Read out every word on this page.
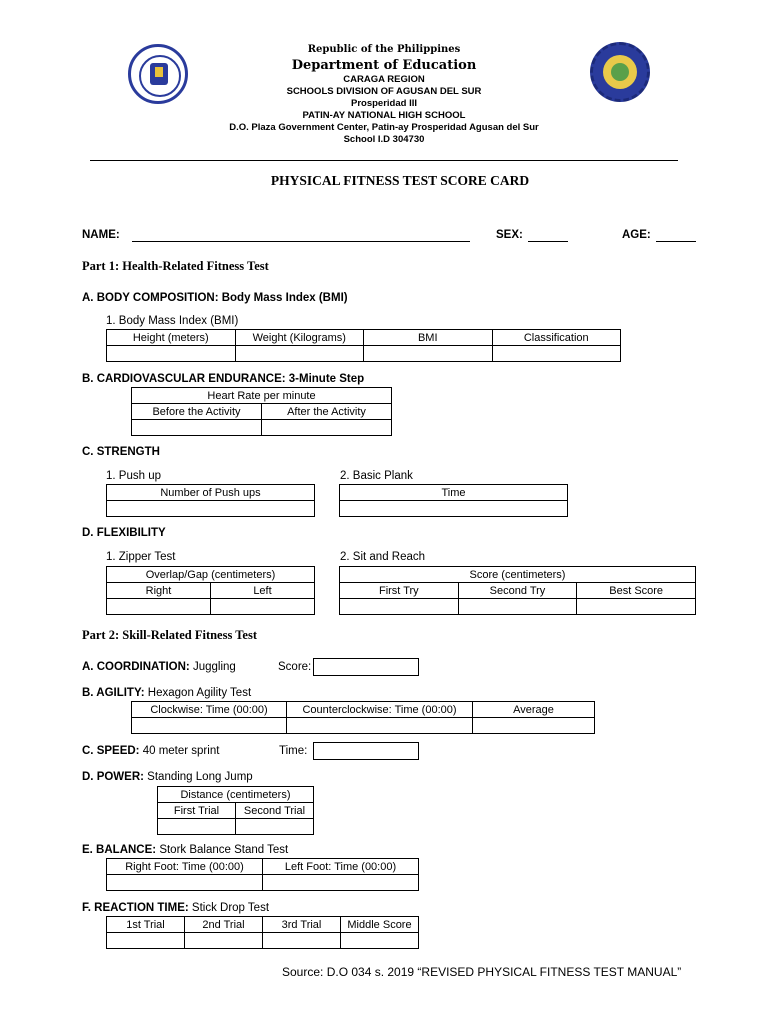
Republic of the Philippines
Department of Education
CARAGA REGION
SCHOOLS DIVISION OF AGUSAN DEL SUR
Prosperidad III
PATIN-AY NATIONAL HIGH SCHOOL
D.O. Plaza Government Center, Patin-ay Prosperidad Agusan del Sur
School I.D 304730
PHYSICAL FITNESS TEST SCORE CARD
NAME:	SEX:	AGE:
Part 1: Health-Related Fitness Test
A. BODY COMPOSITION: Body Mass Index (BMI)
1. Body Mass Index (BMI)
Height (meters)	Weight (Kilograms)	BMI	Classification

B. CARDIOVASCULAR ENDURANCE: 3-Minute Step
Heart Rate per minute	
Before the Activity	After the Activity

C. STRENGTH
1. Push up
Number of Push ups

2. Basic Plank
Time

D. FLEXIBILITY
1. Zipper Test
Overlap/Gap (centimeters)	
Right	Left

2. Sit and Reach
Score (centimeters)		
First Try	Second Try	Best Score

Part 2: Skill-Related Fitness Test
A. COORDINATION: Juggling	Score:
B. AGILITY: Hexagon Agility Test
Clockwise: Time (00:00)	Counterclockwise: Time (00:00)	Average

C. SPEED: 40 meter sprint	Time:
D. POWER: Standing Long Jump
Distance (centimeters)	
First Trial	Second Trial

E. BALANCE: Stork Balance Stand Test
Right Foot: Time (00:00)	Left Foot: Time (00:00)

F. REACTION TIME: Stick Drop Test
1st Trial	2nd Trial	3rd Trial	Middle Score

Source: D.O 034 s. 2019 “REVISED PHYSICAL FITNESS TEST MANUAL”
